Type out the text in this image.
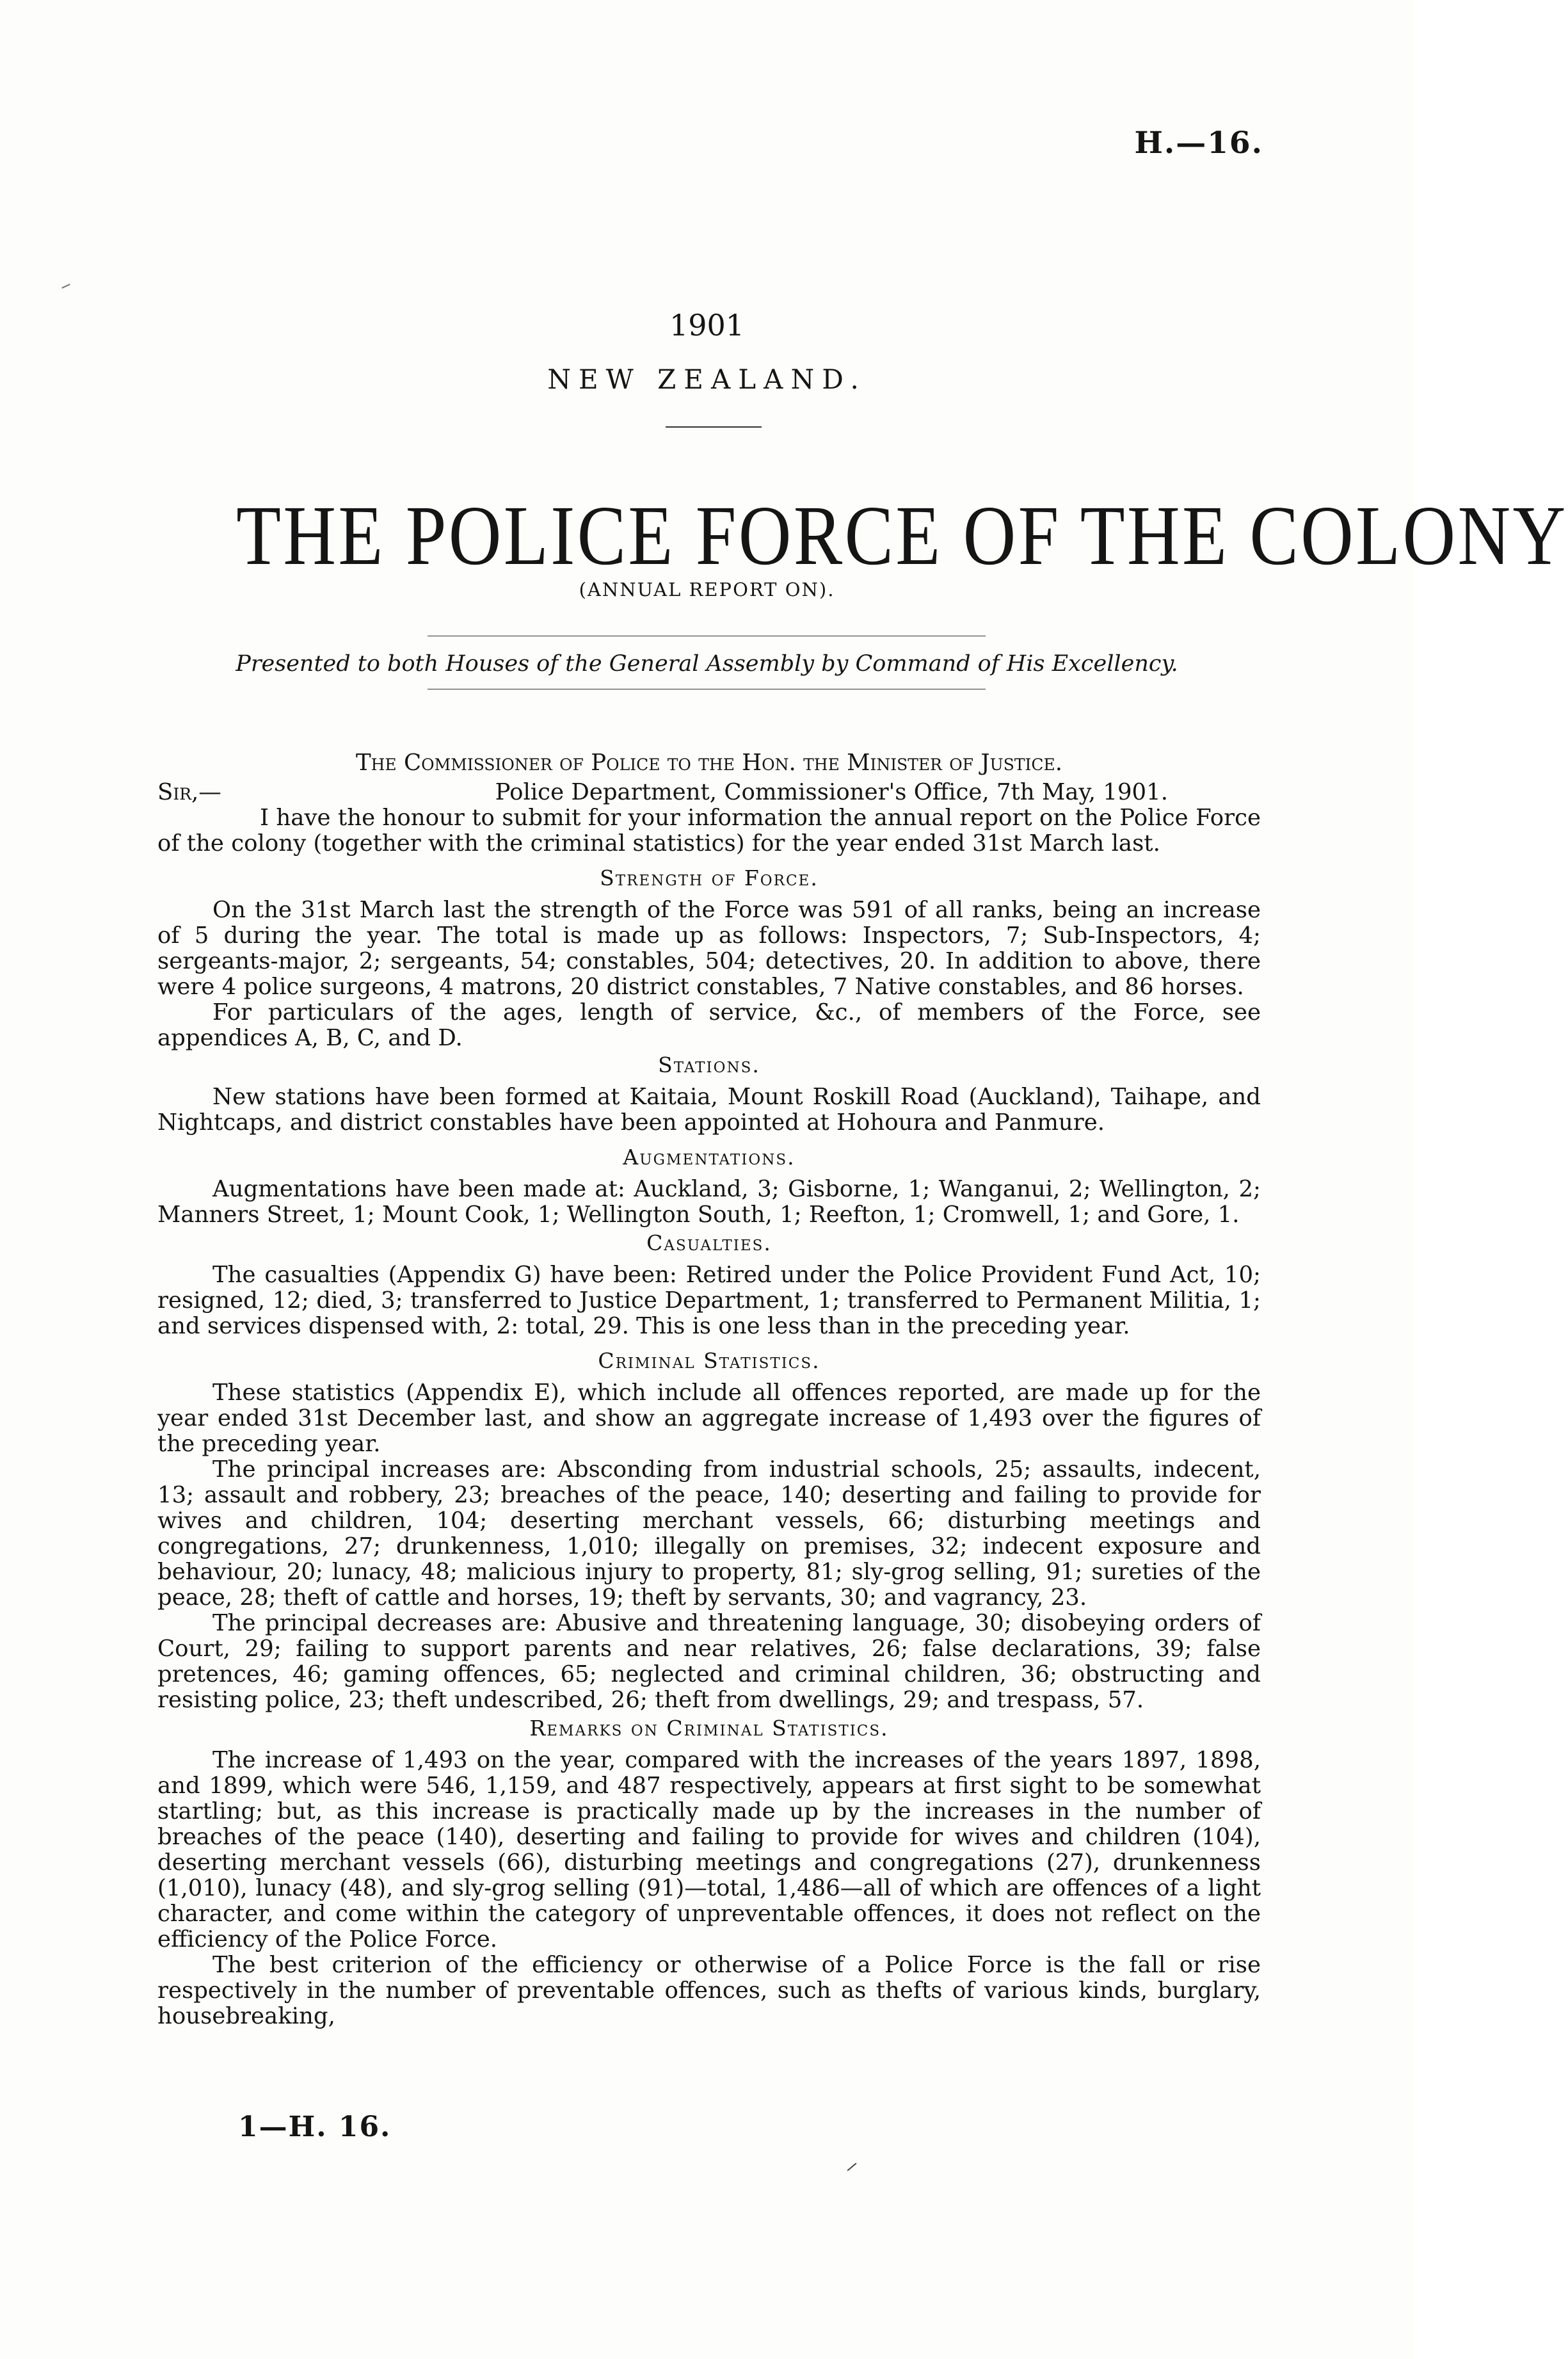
H.—16.
1901
NEW ZEALAND.
THE POLICE FORCE OF THE COLONY
(ANNUAL REPORT ON).
Presented to both Houses of the General Assembly by Command of His Excellency.

The Commissioner of Police to the Hon. the Minister of Justice.

Sir,—	Police Department, Commissioner's Office, 7th May, 1901.

I have the honour to submit for your information the annual report on the Police Force of the colony (together with the criminal statistics) for the year ended 31st March last.

Strength of Force.

On the 31st March last the strength of the Force was 591 of all ranks, being an increase of 5 during the year. The total is made up as follows: Inspectors, 7; Sub-Inspectors, 4; sergeants-major, 2; sergeants, 54; constables, 504; detectives, 20. In addition to above, there were 4 police surgeons, 4 matrons, 20 district constables, 7 Native constables, and 86 horses.

For particulars of the ages, length of service, &c., of members of the Force, see appendices A, B, C, and D.

Stations.

New stations have been formed at Kaitaia, Mount Roskill Road (Auckland), Taihape, and Nightcaps, and district constables have been appointed at Hohoura and Panmure.

Augmentations.

Augmentations have been made at: Auckland, 3; Gisborne, 1; Wanganui, 2; Wellington, 2; Manners Street, 1; Mount Cook, 1; Wellington South, 1; Reefton, 1; Cromwell, 1; and Gore, 1.

Casualties.

The casualties (Appendix G) have been: Retired under the Police Provident Fund Act, 10; resigned, 12; died, 3; transferred to Justice Department, 1; transferred to Permanent Militia, 1; and services dispensed with, 2: total, 29. This is one less than in the preceding year.

Criminal Statistics.

These statistics (Appendix E), which include all offences reported, are made up for the year ended 31st December last, and show an aggregate increase of 1,493 over the figures of the preceding year.

The principal increases are: Absconding from industrial schools, 25; assaults, indecent, 13; assault and robbery, 23; breaches of the peace, 140; deserting and failing to provide for wives and children, 104; deserting merchant vessels, 66; disturbing meetings and congregations, 27; drunkenness, 1,010; illegally on premises, 32; indecent exposure and behaviour, 20; lunacy, 48; malicious injury to property, 81; sly-grog selling, 91; sureties of the peace, 28; theft of cattle and horses, 19; theft by servants, 30; and vagrancy, 23.

The principal decreases are: Abusive and threatening language, 30; disobeying orders of Court, 29; failing to support parents and near relatives, 26; false declarations, 39; false pretences, 46; gaming offences, 65; neglected and criminal children, 36; obstructing and resisting police, 23; theft undescribed, 26; theft from dwellings, 29; and trespass, 57.

Remarks on Criminal Statistics.

The increase of 1,493 on the year, compared with the increases of the years 1897, 1898, and 1899, which were 546, 1,159, and 487 respectively, appears at first sight to be somewhat startling; but, as this increase is practically made up by the increases in the number of breaches of the peace (140), deserting and failing to provide for wives and children (104), deserting merchant vessels (66), disturbing meetings and congregations (27), drunkenness (1,010), lunacy (48), and sly-grog selling (91)—total, 1,486—all of which are offences of a light character, and come within the category of unpreventable offences, it does not reflect on the efficiency of the Police Force.

The best criterion of the efficiency or otherwise of a Police Force is the fall or rise respectively in the number of preventable offences, such as thefts of various kinds, burglary, housebreaking,

1—H. 16.
